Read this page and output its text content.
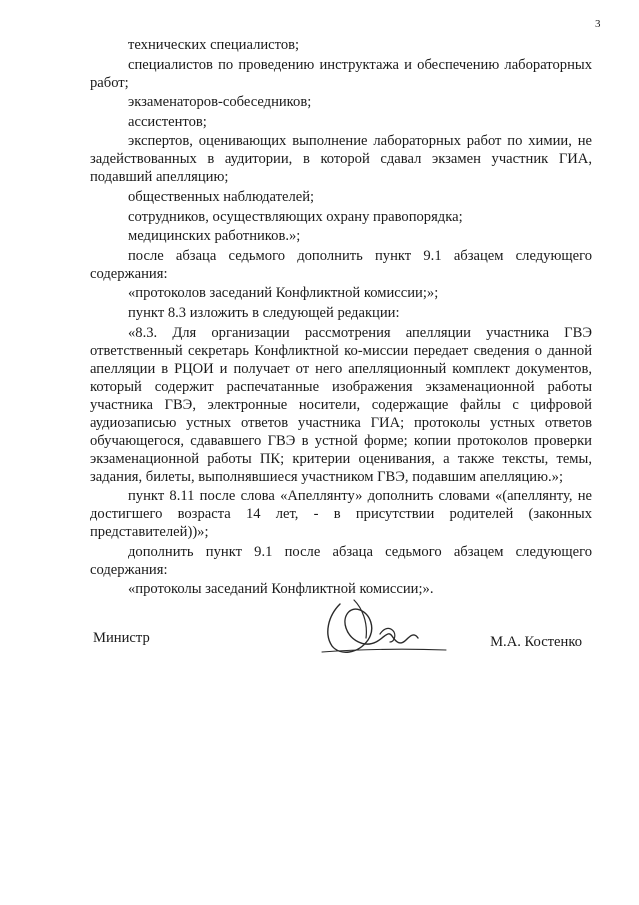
3

технических специалистов;

специалистов по проведению инструктажа и обеспечению лабораторных работ;

экзаменаторов-собеседников;

ассистентов;

экспертов, оценивающих выполнение лабораторных работ по химии, не задействованных в аудитории, в которой сдавал экзамен участник ГИА, подавший апелляцию;

общественных наблюдателей;

сотрудников, осуществляющих охрану правопорядка;

медицинских работников.»;

после абзаца седьмого дополнить пункт 9.1 абзацем следующего содержания:

«протоколов заседаний Конфликтной комиссии;»;

пункт 8.3 изложить в следующей редакции:

«8.3. Для организации рассмотрения апелляции участника ГВЭ ответственный секретарь Конфликтной ко-миссии передает сведения о данной апелляции в РЦОИ и получает от него апелляционный комплект документов, который содержит распечатанные изображения экзаменационной работы участника ГВЭ, электронные носители, содержащие файлы с цифровой аудиозаписью устных ответов участника ГИА; протоколы устных ответов обучающегося, сдававшего ГВЭ в устной форме; копии протоколов проверки экзаменационной работы ПК; критерии оценивания, а также тексты, темы, задания, билеты, выполнявшиеся участником ГВЭ, подавшим апелляцию.»;

пункт 8.11 после слова «Апеллянту» дополнить словами «(апеллянту, не достигшего возраста 14 лет, - в присутствии родителей (законных представителей))»;

дополнить пункт 9.1 после абзаца седьмого абзацем следующего содержания:

«протоколы заседаний Конфликтной комиссии;».

Министр	М.А. Костенко
